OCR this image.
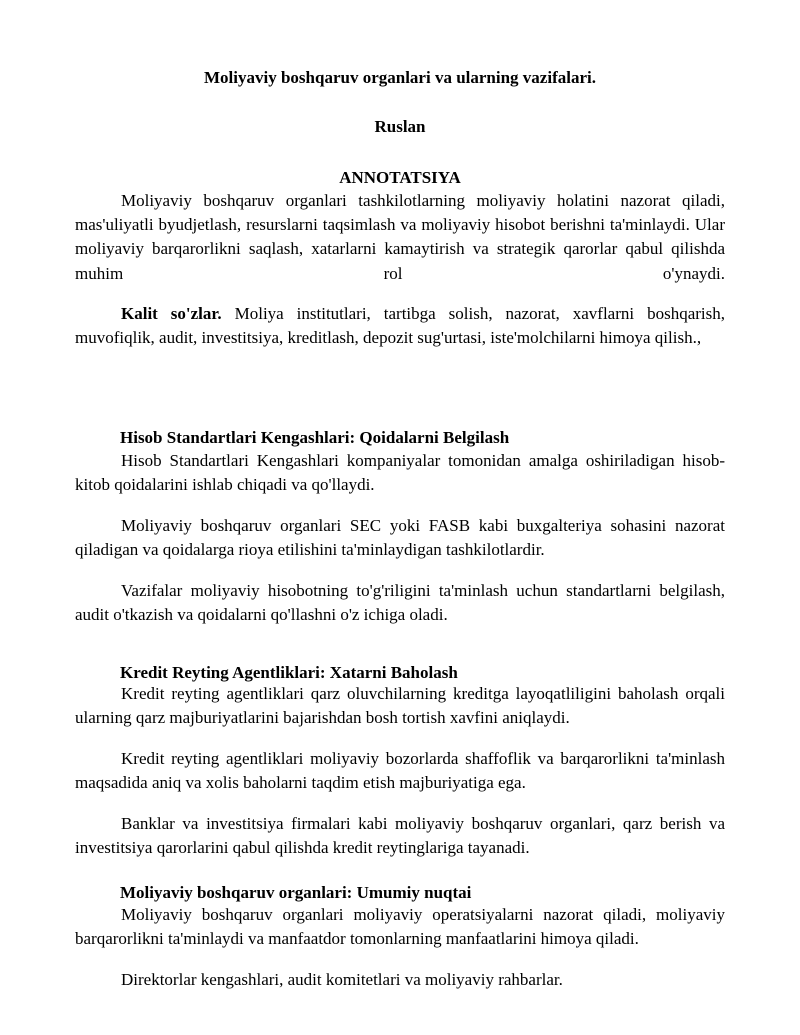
Moliyaviy boshqaruv organlari va ularning vazifalari.

Ruslan

ANNOTATSIYA

Moliyaviy boshqaruv organlari tashkilotlarning moliyaviy holatini nazorat qiladi, mas'uliyatli byudjetlash, resurslarni taqsimlash va moliyaviy hisobot berishni ta'minlaydi. Ular moliyaviy barqarorlikni saqlash, xatarlarni kamaytirish va strategik qarorlar qabul qilishda muhim rol o'ynaydi.

Kalit so'zlar. Moliya institutlari, tartibga solish, nazorat, xavflarni boshqarish, muvofiqlik, audit, investitsiya, kreditlash, depozit sug'urtasi, iste'molchilarni himoya qilish.,

Hisob Standartlari Kengashlari: Qoidalarni Belgilash

Hisob Standartlari Kengashlari kompaniyalar tomonidan amalga oshiriladigan hisob-kitob qoidalarini ishlab chiqadi va qo'llaydi.

Moliyaviy boshqaruv organlari SEC yoki FASB kabi buxgalteriya sohasini nazorat qiladigan va qoidalarga rioya etilishini ta'minlaydigan tashkilotlardir.

Vazifalar moliyaviy hisobotning to'g'riligini ta'minlash uchun standartlarni belgilash, audit o'tkazish va qoidalarni qo'llashni o'z ichiga oladi.

Kredit Reyting Agentliklari: Xatarni Baholash

Kredit reyting agentliklari qarz oluvchilarning kreditga layoqatliligini baholash orqali ularning qarz majburiyatlarini bajarishdan bosh tortish xavfini aniqlaydi.

Kredit reyting agentliklari moliyaviy bozorlarda shaffoflik va barqarorlikni ta'minlash maqsadida aniq va xolis baholarni taqdim etish majburiyatiga ega.

Banklar va investitsiya firmalari kabi moliyaviy boshqaruv organlari, qarz berish va investitsiya qarorlarini qabul qilishda kredit reytinglariga tayanadi.

Moliyaviy boshqaruv organlari: Umumiy nuqtai

Moliyaviy boshqaruv organlari moliyaviy operatsiyalarni nazorat qiladi, moliyaviy barqarorlikni ta'minlaydi va manfaatdor tomonlarning manfaatlarini himoya qiladi.

Direktorlar kengashlari, audit komitetlari va moliyaviy rahbarlar.
